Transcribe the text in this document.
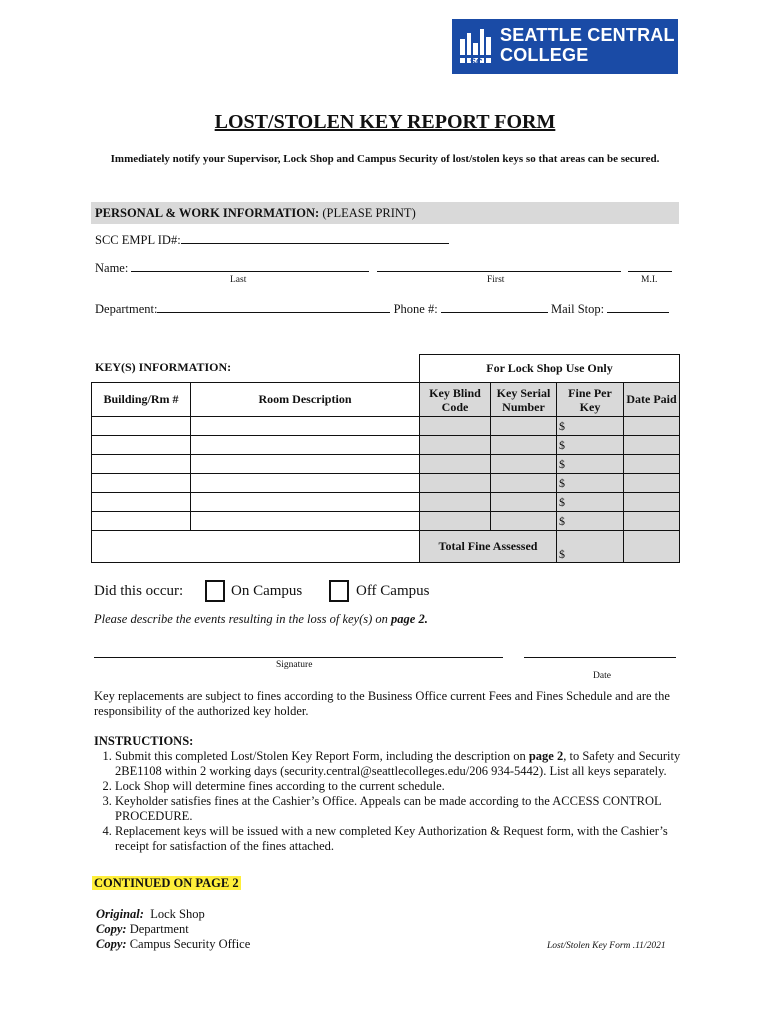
SC
SEATTLE CENTRAL
COLLEGE
LOST/STOLEN KEY REPORT FORM
Immediately notify your Supervisor, Lock Shop and Campus Security of lost/stolen keys so that areas can be secured.
PERSONAL & WORK INFORMATION: (PLEASE PRINT)
SCC EMPL ID#:
Name:
Last	First	M.I.
Department:	Phone #:	Mail Stop:
KEY(S) INFORMATION:
		For Lock Shop Use Only			
Building/Rm #	Room Description	Key Blind Code	Key Serial Number	Fine Per Key	Date Paid
				$	
				$	
				$	
				$	
				$	
				$	
		Total Fine Assessed		$	
Did this occur:	On Campus	Off Campus
Please describe the events resulting in the loss of key(s) on page 2.
Signature
Date
Key replacements are subject to fines according to the Business Office current Fees and Fines Schedule and are the responsibility of the authorized key holder.
INSTRUCTIONS:
1. Submit this completed Lost/Stolen Key Report Form, including the description on page 2, to Safety and Security 2BE1108 within 2 working days (security.central@seattlecolleges.edu/206 934-5442). List all keys separately.
2. Lock Shop will determine fines according to the current schedule.
3. Keyholder satisfies fines at the Cashier’s Office. Appeals can be made according to the ACCESS CONTROL PROCEDURE.
4. Replacement keys will be issued with a new completed Key Authorization & Request form, with the Cashier’s receipt for satisfaction of the fines attached.
CONTINUED ON PAGE 2
Original: Lock Shop
Copy: Department
Copy: Campus Security Office	Lost/Stolen Key Form .11/2021
